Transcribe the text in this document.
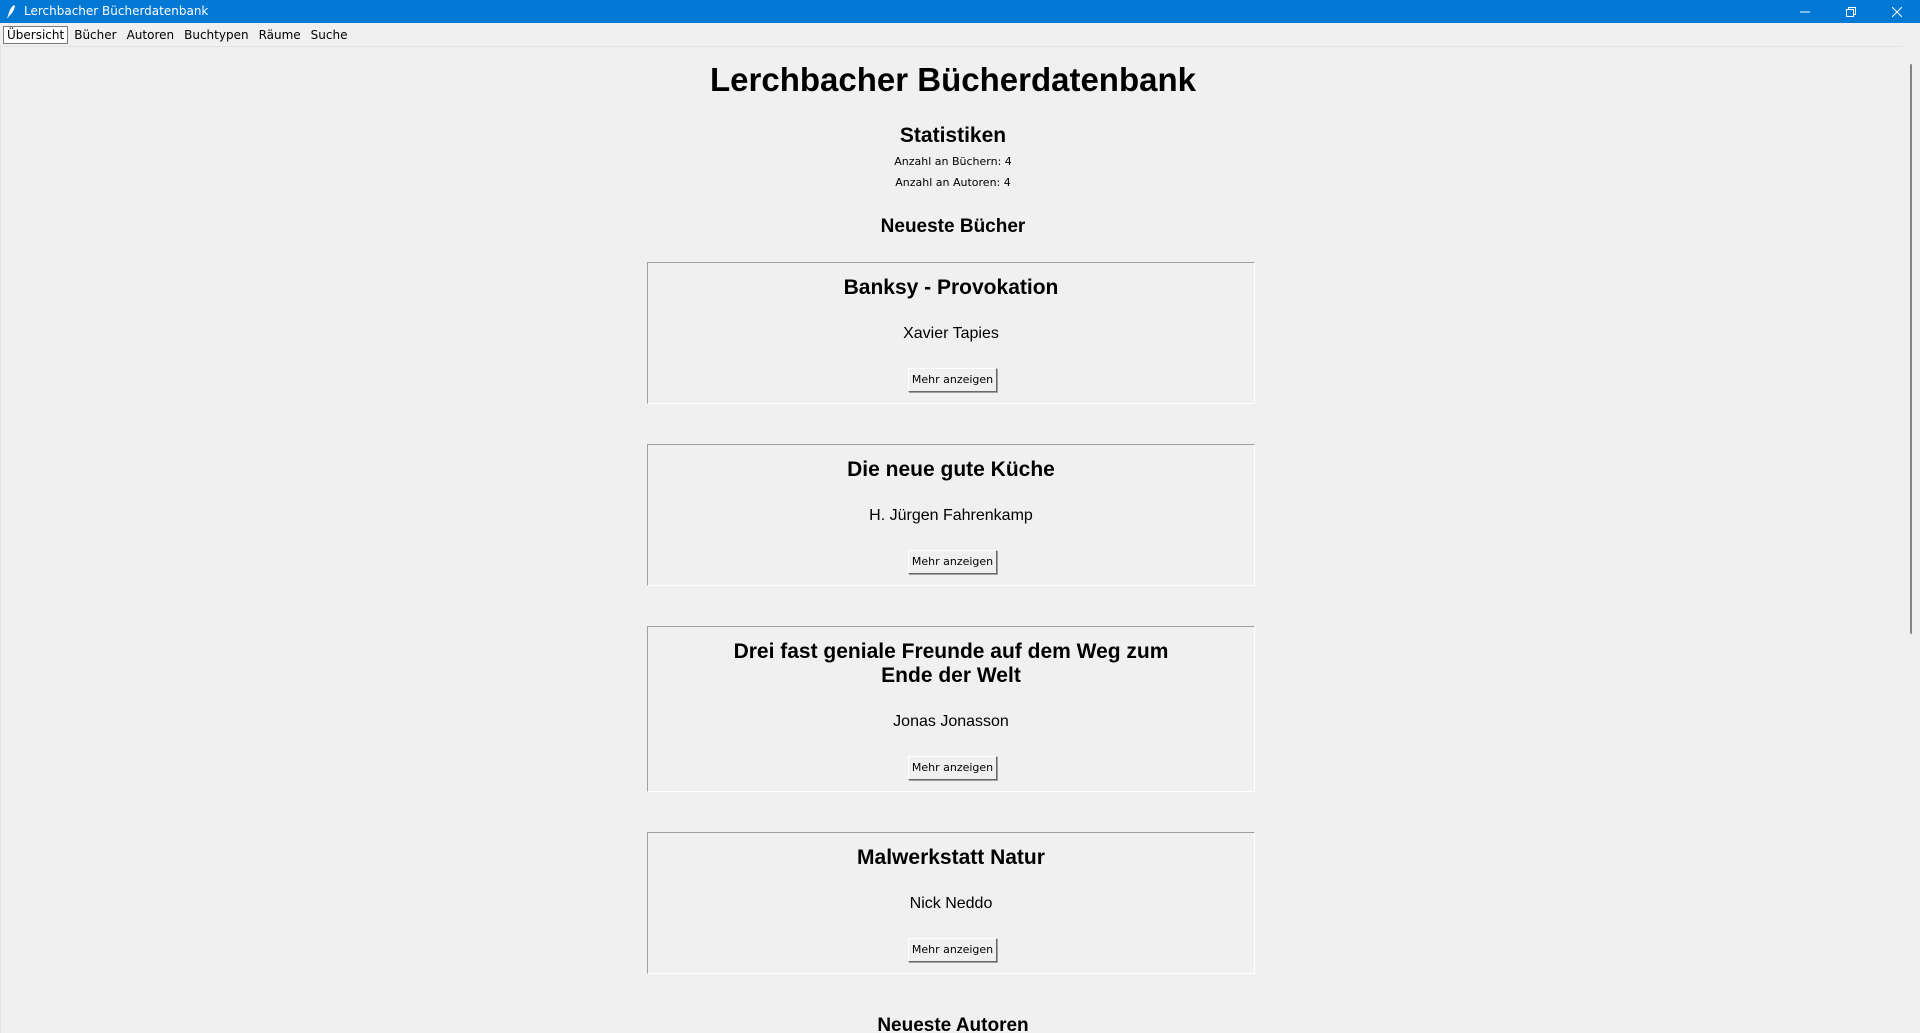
Lerchbacher Bücherdatenbank
Übersicht Bücher Autoren Buchtypen Räume Suche
Lerchbacher Bücherdatenbank
Statistiken
Anzahl an Büchern: 4
Anzahl an Autoren: 4
Neueste Bücher
Banksy - Provokation
Xavier Tapies
Mehr anzeigen
Die neue gute Küche
H. Jürgen Fahrenkamp
Mehr anzeigen
Drei fast geniale Freunde auf dem Weg zum
Ende der Welt
Jonas Jonasson
Mehr anzeigen
Malwerkstatt Natur
Nick Neddo
Mehr anzeigen
Neueste Autoren
